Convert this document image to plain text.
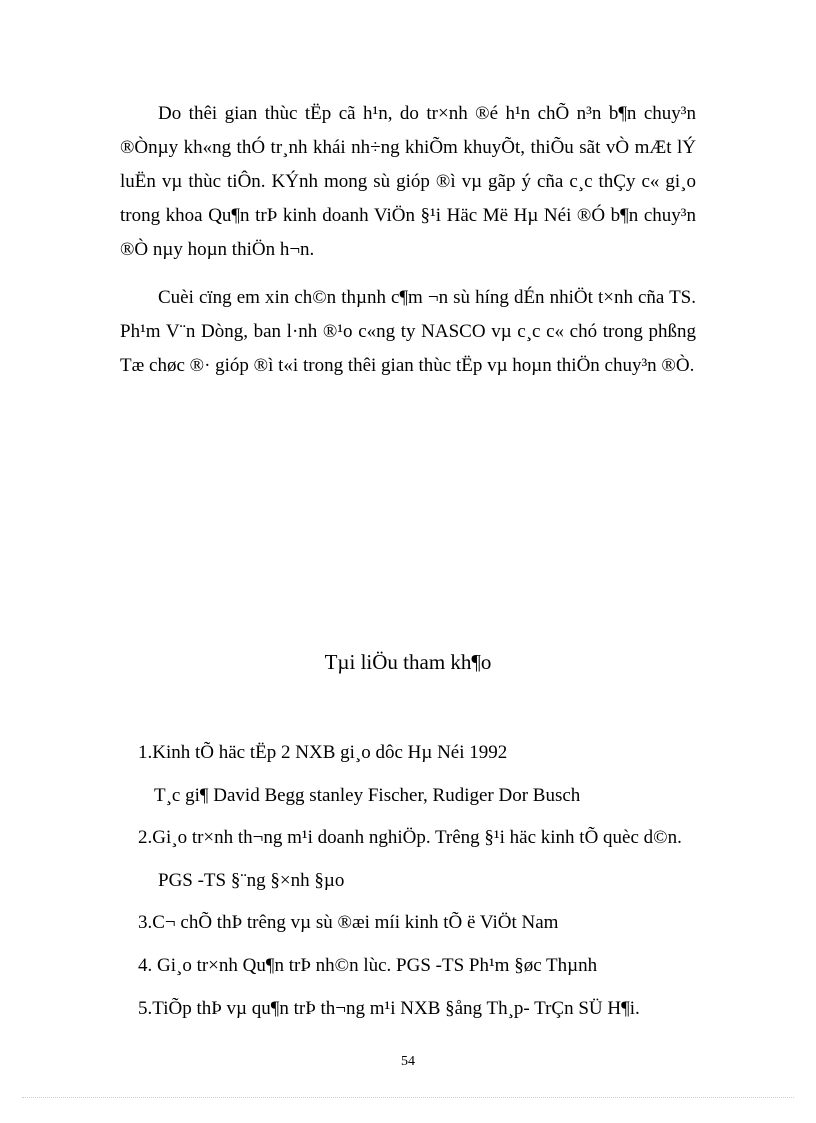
Do thêi gian thùc tËp cã h¹n, do tr×nh ®é h¹n chÕ n³n b¶n chuy³n
®Ònµy kh«ng thÓ tr¸nh khái nh÷ng khiÕm khuyÕt, thiÕu sãt vÒ mÆt lÝ
luËn vµ thùc tiÔn. KÝnh mong sù gióp ®ì vµ gãp ý cña c¸c thÇy c« gi¸o
trong khoa Qu¶n trÞ kinh doanh ViÖn §¹i Häc Më Hµ Néi ®Ó b¶n chuy³n
®Ò nµy hoµn thiÖn h¬n.

Cuèi cïng em xin ch©n thµnh c¶m ¬n sù híng dÉn nhiÖt t×nh cña TS.
Ph¹m V¨n Dòng, ban l·nh ®¹o c«ng ty NASCO vµ c¸c c« chó trong phßng
Tæ chøc ®· gióp ®ì t«i trong thêi gian thùc tËp vµ hoµn thiÖn chuy³n ®Ò.

Tµi liÖu tham kh¶o

1.Kinh tÕ häc tËp 2 NXB gi¸o dôc Hµ Néi 1992

T¸c gi¶ David Begg stanley Fischer, Rudiger Dor Busch

2.Gi¸o tr×nh th¬ng m¹i doanh nghiÖp. Trêng §¹i häc kinh tÕ quèc d©n.

PGS -TS §¨ng §×nh §µo

3.C¬ chÕ thÞ trêng vµ sù ®æi míi kinh tÕ ë ViÖt Nam

4. Gi¸o tr×nh Qu¶n trÞ nh©n lùc. PGS -TS Ph¹m §øc Thµnh

5.TiÕp thÞ vµ qu¶n trÞ th¬ng m¹i NXB §ång Th¸p- TrÇn SÜ H¶i.

54
